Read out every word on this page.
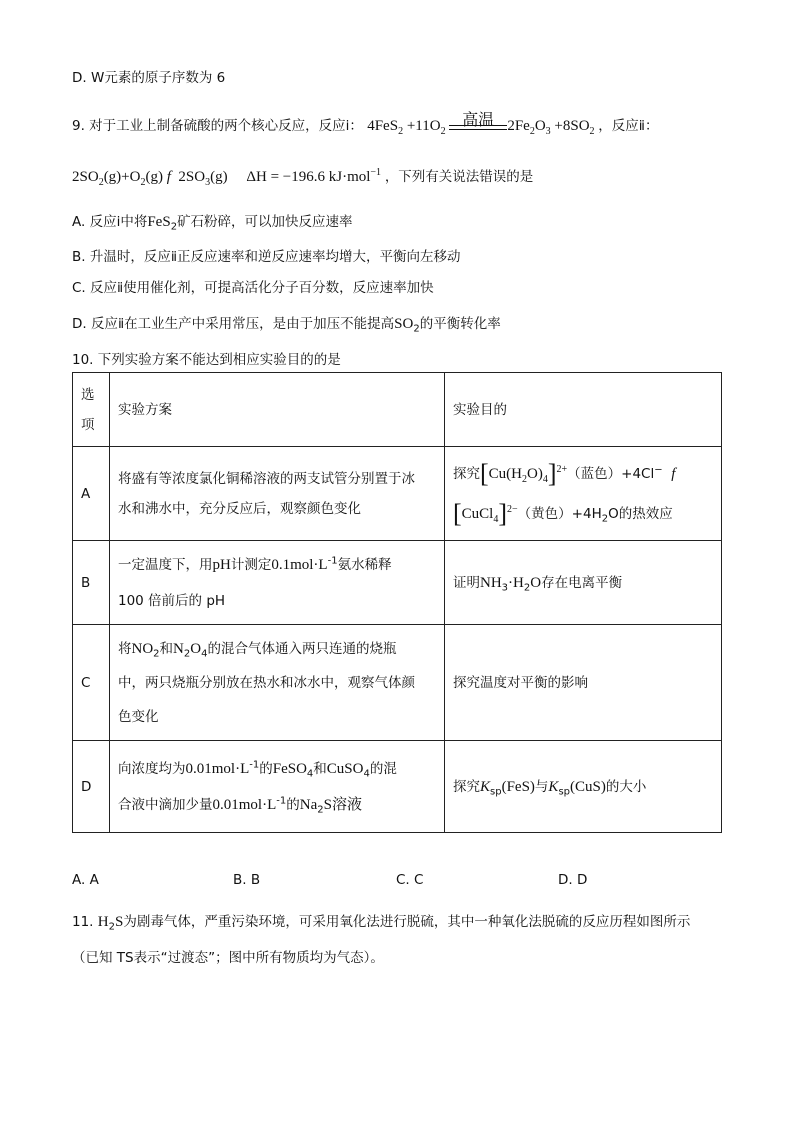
D. W元素的原子序数为 6
9. 对于工业上制备硫酸的两个核心反应，反应ⅰ： $4FeS_2 +11O_2$
高温 $2Fe_2O_3 +8SO_2$ ，反应ⅱ：
$2SO_2(g)+O_2(g)$ f $2SO_3(g) \Delta H = -196.6$ kJ·mol$^{-1}$ ，下列有关说法错误的是
A. 反应ⅰ中将FeS$_2$矿石粉碎，可以加快反应速率
B. 升温时，反应ⅱ正反应速率和逆反应速率均增大，平衡向左移动
C. 反应ⅱ使用催化剂，可提高活化分子百分数，反应速率加快
D. 反应ⅱ在工业生产中采用常压，是由于加压不能提高$SO_2$的平衡转化率
10. 下列实验方案不能达到相应实验目的的是
选
项	实验方案	实验目的
A	将盛有等浓度氯化铜稀溶液的两支试管分别置于冰
水和沸水中，充分反应后，观察颜色变化	探究$[Cu(H_2O)_4]^{2+}$（蓝色）+4Cl− f
[CuCl$_4$]$^{2-}$（黄色）$+4H_2O$的热效应
B	一定温度下，用pH计测定$0.1mol\cdot L^{-1}$氨水稀释
100 倍前后的 pH	证明$NH_3\cdot H_2O$存在电离平衡
C	将$NO_2$和$N_2O_4$的混合气体通入两只连通的烧瓶
中，两只烧瓶分别放在热水和冰水中，观察气体颜
色变化	探究温度对平衡的影响
D	向浓度均为$0.01mol\cdot L^{-1}$的FeSO$_4$和CuSO$_4$的混
合液中滴加少量$0.01mol\cdot L^{-1}$的$Na_2S$溶液	探究$K_{sp}(FeS)$与$K_{sp}(CuS)$的大小
A. A	B. B	C. C	D. D
11. $H_2S$为剧毒气体，严重污染环境，可采用氧化法进行脱硫，其中一种氧化法脱硫的反应历程如图所示
（已知 TS表示“过渡态”；图中所有物质均为气态）。
